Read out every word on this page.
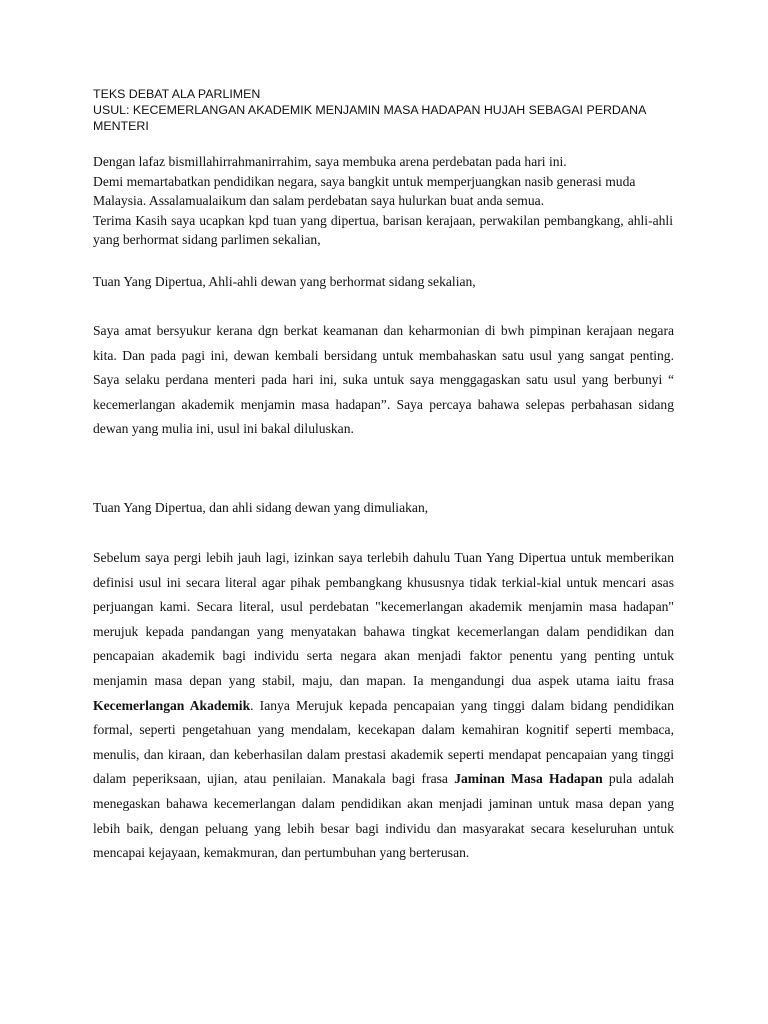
TEKS DEBAT ALA PARLIMEN
USUL: KECEMERLANGAN AKADEMIK MENJAMIN MASA HADAPAN HUJAH SEBAGAI PERDANA MENTERI

Dengan lafaz bismillahirrahmanirrahim, saya membuka arena perdebatan pada hari ini.

Demi memartabatkan pendidikan negara, saya bangkit untuk memperjuangkan nasib generasi muda Malaysia. Assalamualaikum dan salam perdebatan saya hulurkan buat anda semua.

Terima Kasih saya ucapkan kpd tuan yang dipertua, barisan kerajaan, perwakilan pembangkang, ahli-ahli yang berhormat sidang parlimen sekalian,

Tuan Yang Dipertua, Ahli-ahli dewan yang berhormat sidang sekalian,

Saya amat bersyukur kerana dgn berkat keamanan dan keharmonian di bwh pimpinan kerajaan negara kita. Dan pada pagi ini, dewan kembali bersidang untuk membahaskan satu usul yang sangat penting. Saya selaku perdana menteri pada hari ini, suka untuk saya menggagaskan satu usul yang berbunyi “ kecemerlangan akademik menjamin masa hadapan”. Saya percaya bahawa selepas perbahasan sidang dewan yang mulia ini, usul ini bakal diluluskan.

Tuan Yang Dipertua, dan ahli sidang dewan yang dimuliakan,

Sebelum saya pergi lebih jauh lagi, izinkan saya terlebih dahulu Tuan Yang Dipertua untuk memberikan definisi usul ini secara literal agar pihak pembangkang khususnya tidak terkial-kial untuk mencari asas perjuangan kami. Secara literal, usul perdebatan "kecemerlangan akademik menjamin masa hadapan" merujuk kepada pandangan yang menyatakan bahawa tingkat kecemerlangan dalam pendidikan dan pencapaian akademik bagi individu serta negara akan menjadi faktor penentu yang penting untuk menjamin masa depan yang stabil, maju, dan mapan. Ia mengandungi dua aspek utama iaitu frasa Kecemerlangan Akademik. Ianya Merujuk kepada pencapaian yang tinggi dalam bidang pendidikan formal, seperti pengetahuan yang mendalam, kecekapan dalam kemahiran kognitif seperti membaca, menulis, dan kiraan, dan keberhasilan dalam prestasi akademik seperti mendapat pencapaian yang tinggi dalam peperiksaan, ujian, atau penilaian. Manakala bagi frasa Jaminan Masa Hadapan pula adalah menegaskan bahawa kecemerlangan dalam pendidikan akan menjadi jaminan untuk masa depan yang lebih baik, dengan peluang yang lebih besar bagi individu dan masyarakat secara keseluruhan untuk mencapai kejayaan, kemakmuran, dan pertumbuhan yang berterusan.
